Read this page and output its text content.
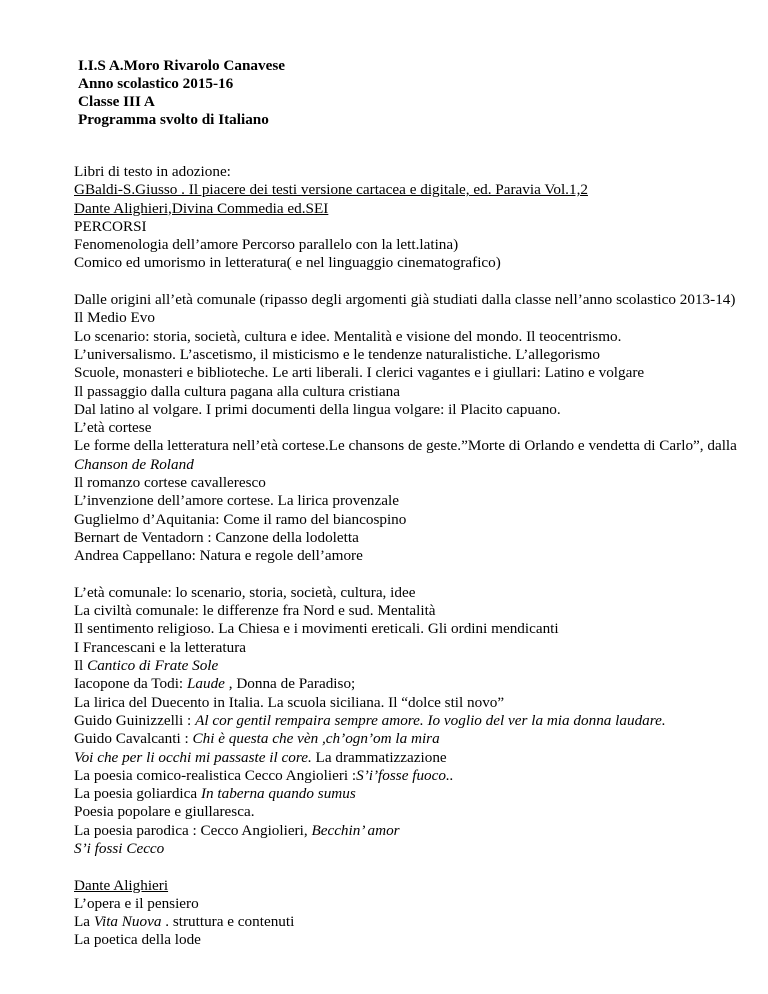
I.I.S A.Moro Rivarolo Canavese
Anno scolastico 2015-16
Classe III A
Programma svolto di Italiano
Libri di testo in adozione:
GBaldi-S.Giusso . Il piacere dei testi versione cartacea e digitale, ed. Paravia Vol.1,2
Dante Alighieri,Divina Commedia ed.SEI
PERCORSI
Fenomenologia dell’amore Percorso parallelo con la lett.latina)
Comico ed umorismo in letteratura( e nel linguaggio cinematografico)
Dalle origini all’età comunale (ripasso degli argomenti già studiati dalla classe nell’anno scolastico 2013-14)
Il Medio Evo
Lo scenario: storia, società, cultura e idee. Mentalità e visione del mondo. Il teocentrismo.
L’universalismo. L’ascetismo, il misticismo e le tendenze naturalistiche. L’allegorismo
Scuole, monasteri e biblioteche. Le arti liberali. I clerici vagantes e i giullari: Latino e volgare
Il passaggio dalla cultura pagana alla cultura cristiana
Dal latino al volgare. I primi documenti della lingua volgare: il Placito capuano.
L’età cortese
Le forme della letteratura nell’età cortese.Le chansons de geste.”Morte di Orlando e vendetta di Carlo”, dalla Chanson de Roland
Il romanzo cortese cavalleresco
L’invenzione dell’amore cortese. La lirica provenzale
Guglielmo d’Aquitania: Come il ramo del biancospino
Bernart de Ventadorn : Canzone della lodoletta
Andrea Cappellano: Natura e regole dell’amore
L’età comunale: lo scenario, storia, società, cultura, idee
La civiltà comunale: le differenze fra Nord e sud. Mentalità
Il sentimento religioso. La Chiesa e i movimenti ereticali. Gli ordini mendicanti
I Francescani e la letteratura
Il Cantico di Frate Sole
Iacopone da Todi: Laude , Donna de Paradiso;
La lirica del Duecento in Italia. La scuola siciliana. Il “dolce stil novo”
Guido Guinizzelli : Al cor gentil rempaira sempre amore. Io voglio del ver la mia donna laudare.
Guido Cavalcanti : Chi è questa che vèn ,ch’ogn’om la mira
Voi che per li occhi mi passaste il core. La drammatizzazione
La poesia comico-realistica Cecco Angiolieri :S’i’fosse fuoco..
La poesia goliardica In taberna quando sumus
Poesia popolare e giullaresca.
La poesia parodica : Cecco Angiolieri, Becchin’ amor
S’i fossi Cecco
Dante Alighieri
L’opera e il pensiero
La Vita Nuova . struttura e contenuti
La poetica della lode
